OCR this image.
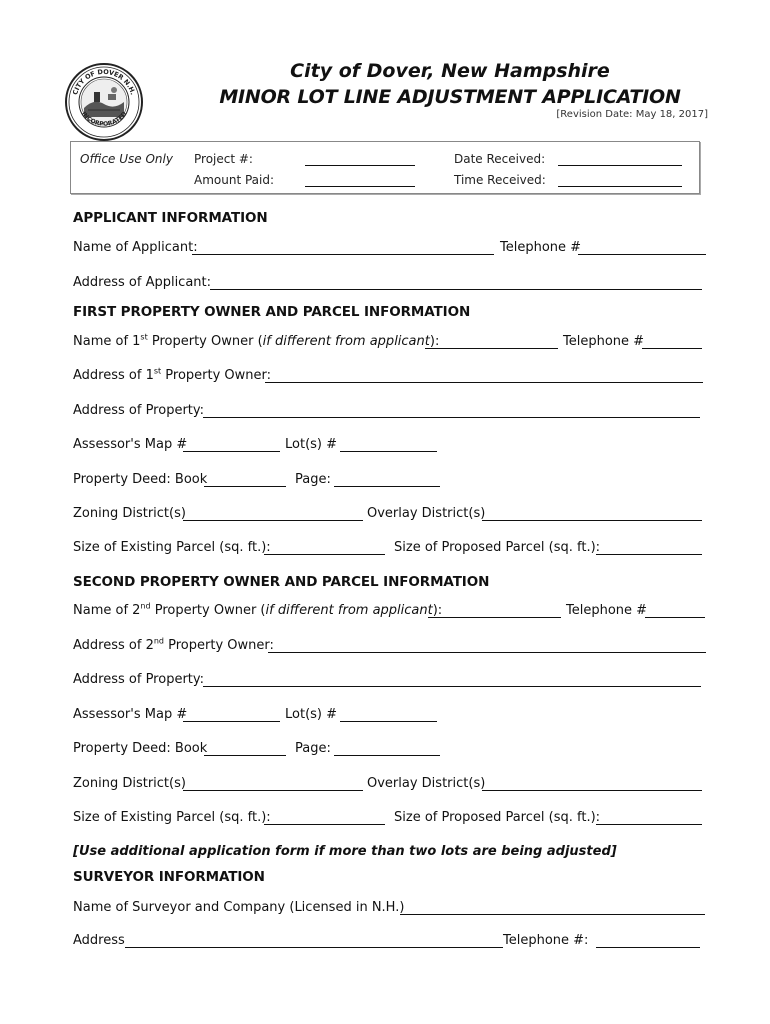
CITY OF DOVER N.H.
INCORPORATED
City of Dover, New Hampshire
MINOR LOT LINE ADJUSTMENT APPLICATION
[Revision Date: May 18, 2017]
Office Use Only Project #:	Date Received:
Amount Paid:	Time Received:
APPLICANT INFORMATION
Name of Applicant:	Telephone #
Address of Applicant:
FIRST PROPERTY OWNER AND PARCEL INFORMATION
Name of 1st Property Owner (if different from applicant):	Telephone #
Address of 1st Property Owner:
Address of Property:
Assessor's Map #	Lot(s) #
Property Deed: Book	Page:
Zoning District(s)	Overlay District(s)
Size of Existing Parcel (sq. ft.):	Size of Proposed Parcel (sq. ft.):
SECOND PROPERTY OWNER AND PARCEL INFORMATION
Name of 2nd Property Owner (if different from applicant):	Telephone #
Address of 2nd Property Owner:
Address of Property:
Assessor's Map #	Lot(s) #
Property Deed: Book	Page:
Zoning District(s)	Overlay District(s)
Size of Existing Parcel (sq. ft.):	Size of Proposed Parcel (sq. ft.):
[Use additional application form if more than two lots are being adjusted]
SURVEYOR INFORMATION
Name of Surveyor and Company (Licensed in N.H.)
Address	Telephone #:
